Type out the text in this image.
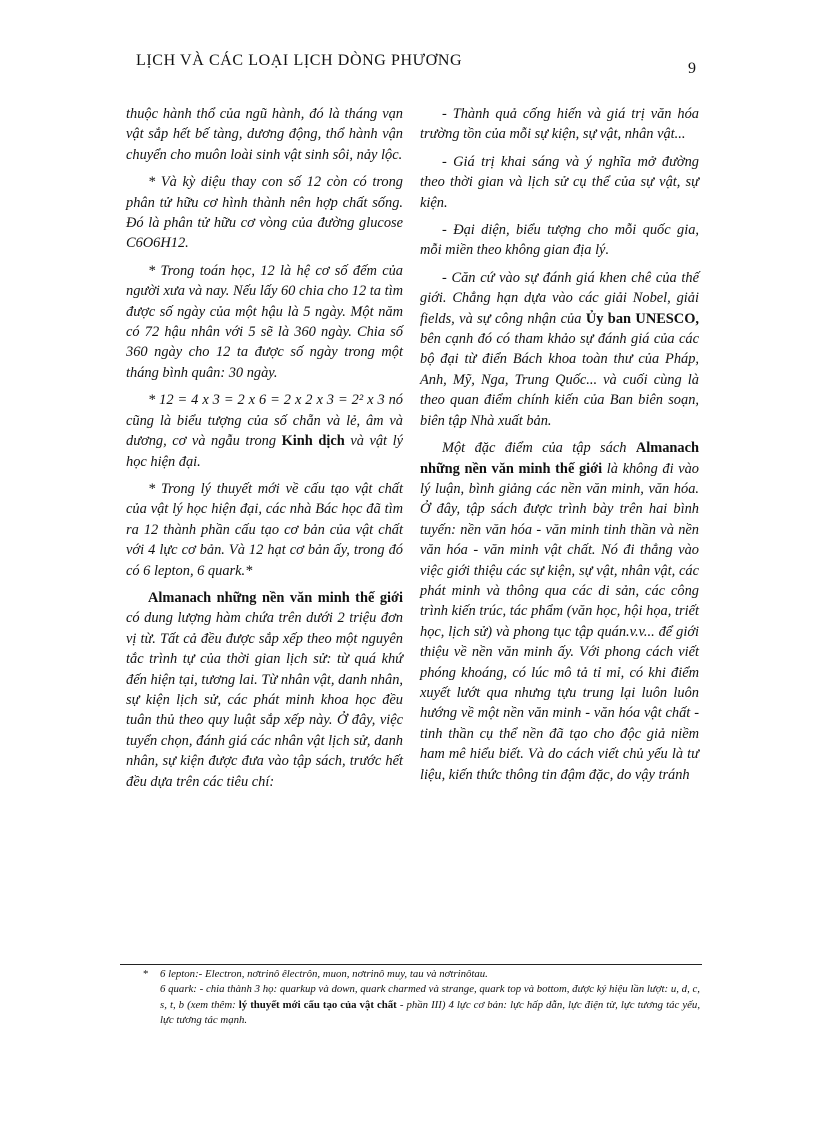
LỊCH VÀ CÁC LOẠI LỊCH DÒNG PHƯƠNG	9

thuộc hành thổ của ngũ hành, đó là tháng vạn vật sắp hết bế tàng, dương động, thổ hành vận chuyển cho muôn loài sinh vật sinh sôi, nảy lộc.

* Và kỳ diệu thay con số 12 còn có trong phân tử hữu cơ hình thành nên hợp chất sống. Đó là phân tử hữu cơ vòng của đường glucose C6O6H12.

* Trong toán học, 12 là hệ cơ số đếm của người xưa và nay. Nếu lấy 60 chia cho 12 ta tìm được số ngày của một hậu là 5 ngày. Một năm có 72 hậu nhân với 5 sẽ là 360 ngày. Chia số 360 ngày cho 12 ta được số ngày trong một tháng bình quân: 30 ngày.

* 12 = 4 x 3 = 2 x 6 = 2 x 2 x 3 = 2² x 3 nó cũng là biểu tượng của số chẵn và lẻ, âm và dương, cơ và ngẫu trong Kinh dịch và vật lý học hiện đại.

* Trong lý thuyết mới về cấu tạo vật chất của vật lý học hiện đại, các nhà Bác học đã tìm ra 12 thành phần cấu tạo cơ bản của vật chất với 4 lực cơ bản. Và 12 hạt cơ bản ấy, trong đó có 6 lepton, 6 quark.*

Almanach những nền văn minh thế giới có dung lượng hàm chứa trên dưới 2 triệu đơn vị từ. Tất cả đều được sắp xếp theo một nguyên tắc trình tự của thời gian lịch sử: từ quá khứ đến hiện tại, tương lai. Từ nhân vật, danh nhân, sự kiện lịch sử, các phát minh khoa học đều tuân thủ theo quy luật sắp xếp này. Ở đây, việc tuyển chọn, đánh giá các nhân vật lịch sử, danh nhân, sự kiện được đưa vào tập sách, trước hết đều dựa trên các tiêu chí:

- Thành quả cống hiến và giá trị văn hóa trường tồn của mỗi sự kiện, sự vật, nhân vật...

- Giá trị khai sáng và ý nghĩa mở đường theo thời gian và lịch sử cụ thể của sự vật, sự kiện.

- Đại diện, biểu tượng cho mỗi quốc gia, mỗi miền theo không gian địa lý.

- Căn cứ vào sự đánh giá khen chê của thế giới. Chẳng hạn dựa vào các giải Nobel, giải fields, và sự công nhận của Ủy ban UNESCO, bên cạnh đó có tham khảo sự đánh giá của các bộ đại từ điển Bách khoa toàn thư của Pháp, Anh, Mỹ, Nga, Trung Quốc... và cuối cùng là theo quan điểm chính kiến của Ban biên soạn, biên tập Nhà xuất bản.

Một đặc điểm của tập sách Almanach những nền văn minh thế giới là không đi vào lý luận, bình giảng các nền văn minh, văn hóa. Ở đây, tập sách được trình bày trên hai bình tuyến: nền văn hóa - văn minh tinh thần và nền văn hóa - văn minh vật chất. Nó đi thẳng vào việc giới thiệu các sự kiện, sự vật, nhân vật, các phát minh và thông qua các di sản, các công trình kiến trúc, tác phẩm (văn học, hội họa, triết học, lịch sử) và phong tục tập quán.v.v... để giới thiệu về nền văn minh ấy. Với phong cách viết phóng khoáng, có lúc mô tả tỉ mỉ, có khi điểm xuyết lướt qua nhưng tựu trung lại luôn luôn hướng về một nền văn minh - văn hóa vật chất - tinh thần cụ thể nền đã tạo cho độc giả niềm ham mê hiểu biết. Và do cách viết chủ yếu là tư liệu, kiến thức thông tin đậm đặc, do vậy tránh

* 6 lepton:- Electron, nơtrinô êlectrôn, muon, nơtrinô muy, tau và nơtrinôtau.

6 quark: - chia thành 3 họ: quarkup và down, quark charmed và strange, quark top và bottom, được ký hiệu lần lượt: u, d, c, s, t, b (xem thêm: lý thuyết mới cấu tạo của vật chất - phần III) 4 lực cơ bản: lực hấp dẫn, lực điện từ, lực tương tác yếu, lực tương tác mạnh.
